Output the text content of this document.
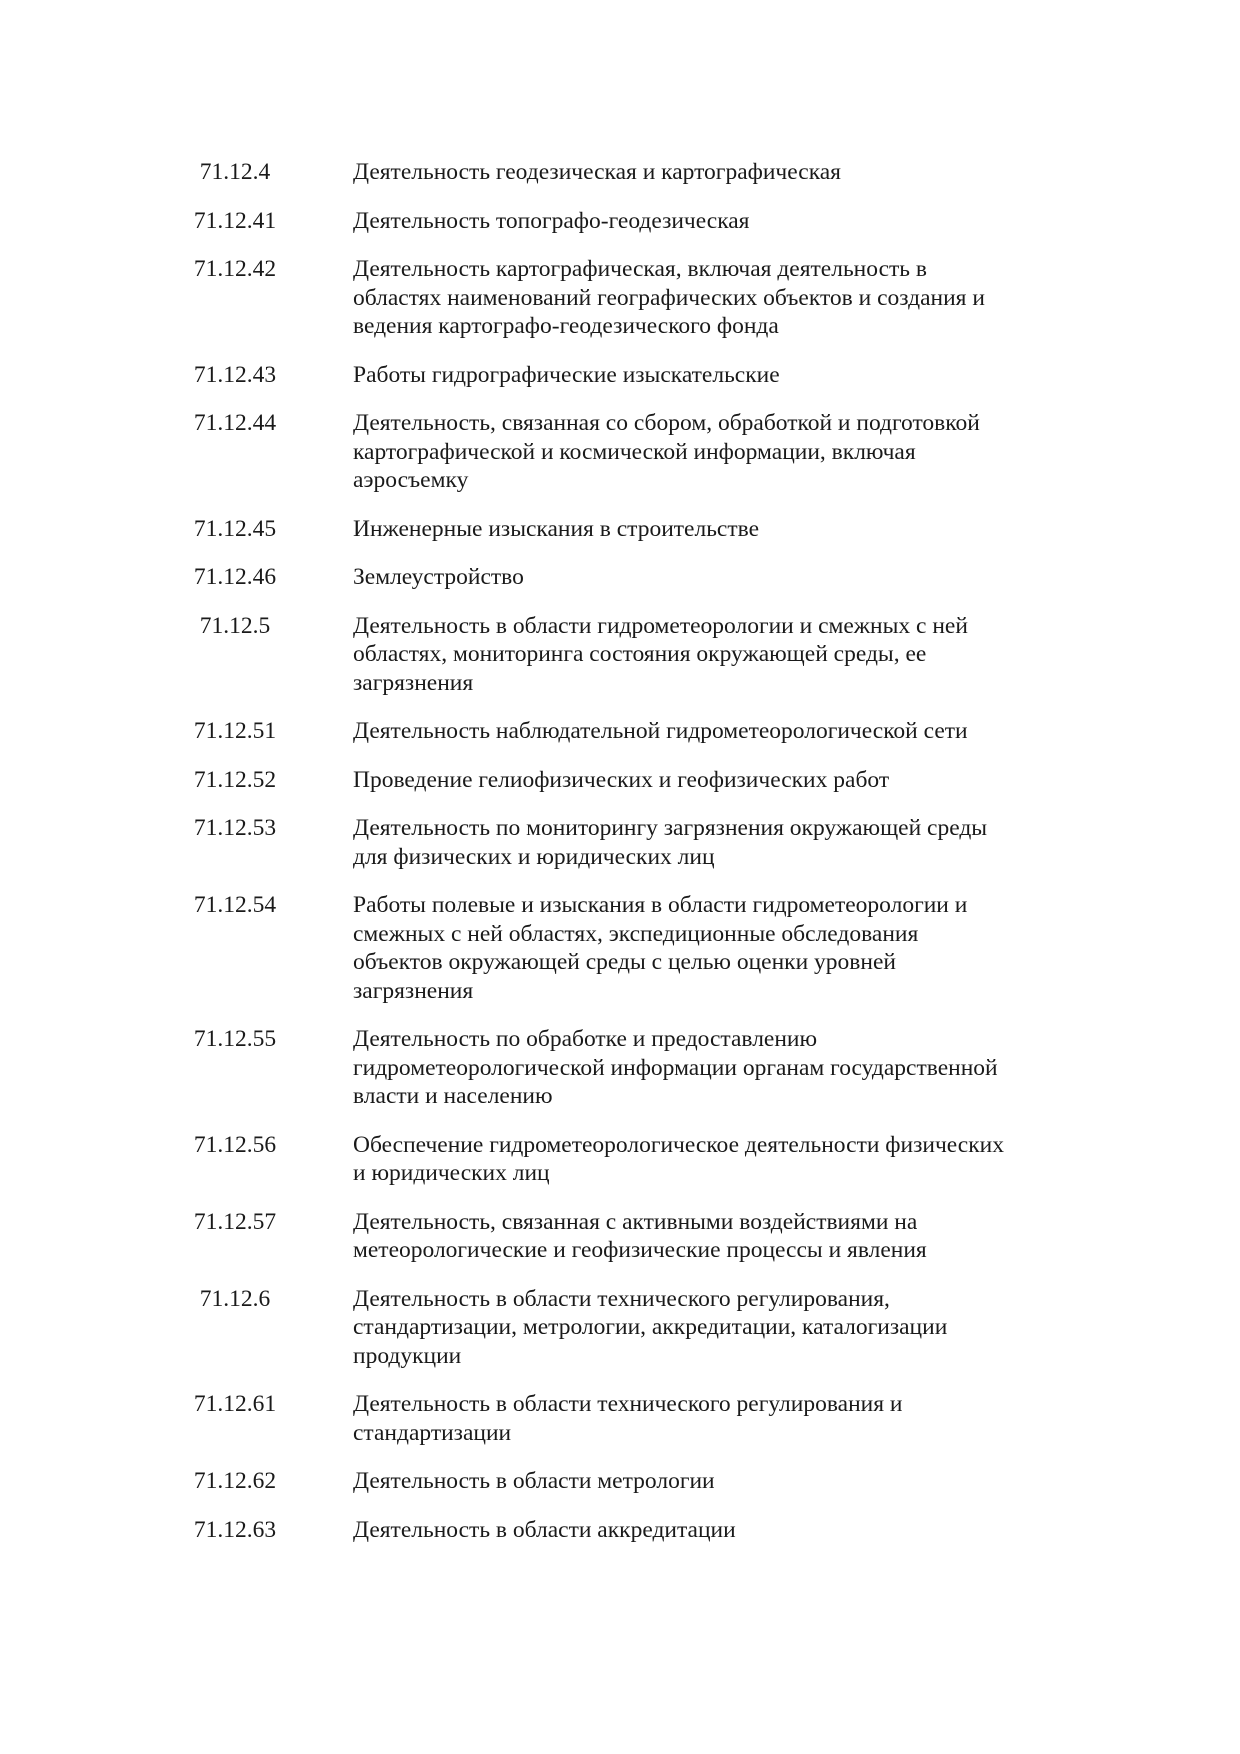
71.12.4	Деятельность геодезическая и картографическая
71.12.41	Деятельность топографо-геодезическая
71.12.42	Деятельность картографическая, включая деятельность в
областях наименований географических объектов и создания и
ведения картографо-геодезического фонда
71.12.43	Работы гидрографические изыскательские
71.12.44	Деятельность, связанная со сбором, обработкой и подготовкой
картографической и космической информации, включая
аэросъемку
71.12.45	Инженерные изыскания в строительстве
71.12.46	Землеустройство
71.12.5	Деятельность в области гидрометеорологии и смежных с ней
областях, мониторинга состояния окружающей среды, ее
загрязнения
71.12.51	Деятельность наблюдательной гидрометеорологической сети
71.12.52	Проведение гелиофизических и геофизических работ
71.12.53	Деятельность по мониторингу загрязнения окружающей среды
для физических и юридических лиц
71.12.54	Работы полевые и изыскания в области гидрометеорологии и
смежных с ней областях, экспедиционные обследования
объектов окружающей среды с целью оценки уровней
загрязнения
71.12.55	Деятельность по обработке и предоставлению
гидрометеорологической информации органам государственной
власти и населению
71.12.56	Обеспечение гидрометеорологическое деятельности физических
и юридических лиц
71.12.57	Деятельность, связанная с активными воздействиями на
метеорологические и геофизические процессы и явления
71.12.6	Деятельность в области технического регулирования,
стандартизации, метрологии, аккредитации, каталогизации
продукции
71.12.61	Деятельность в области технического регулирования и
стандартизации
71.12.62	Деятельность в области метрологии
71.12.63	Деятельность в области аккредитации
